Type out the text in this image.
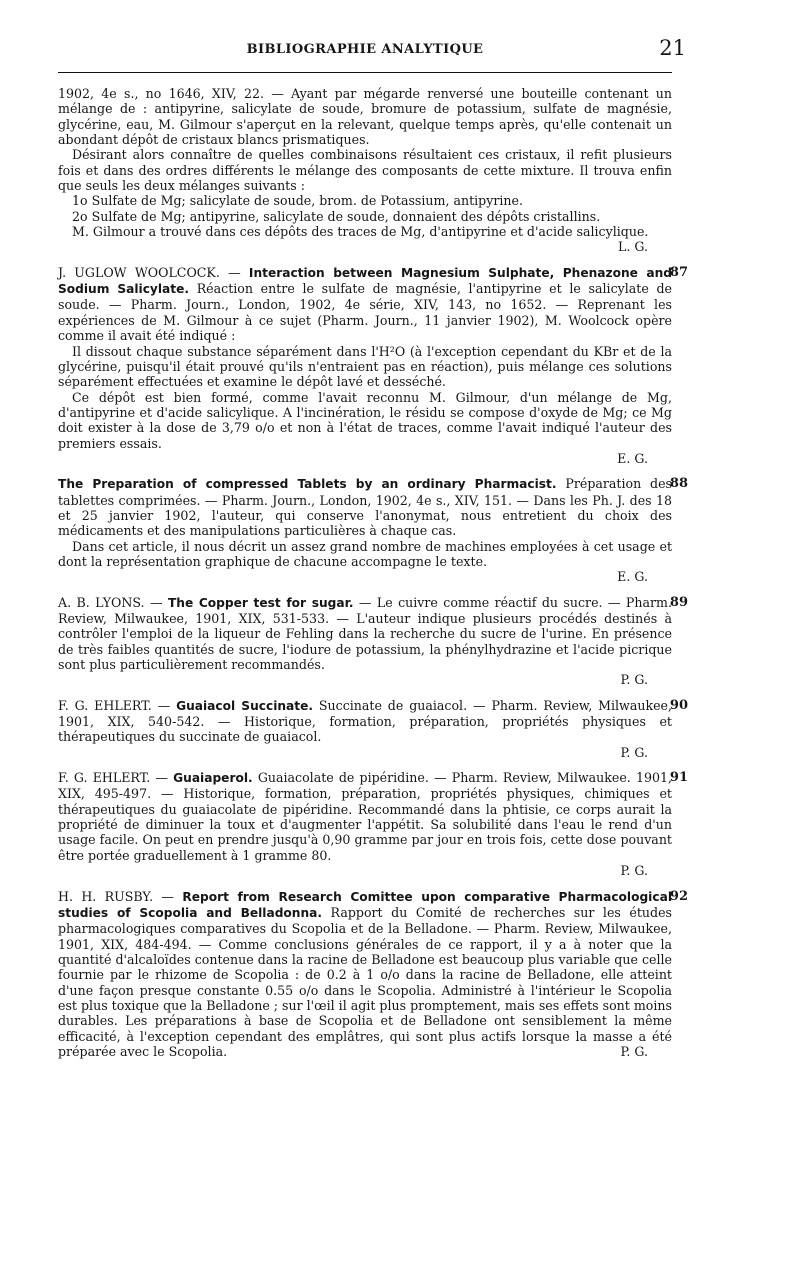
BIBLIOGRAPHIE ANALYTIQUE	21

1902, 4e s., no 1646, XIV, 22. — Ayant par mégarde renversé une bouteille contenant un mélange de : antipyrine, salicylate de soude, bromure de potassium, sulfate de magnésie, glycérine, eau, M. Gilmour s'aperçut en la relevant, quelque temps après, qu'elle contenait un abondant dépôt de cristaux blancs prismatiques.

Désirant alors connaître de quelles combinaisons résultaient ces cristaux, il refit plusieurs fois et dans des ordres différents le mélange des composants de cette mixture. Il trouva enfin que seuls les deux mélanges suivants :

1o Sulfate de Mg; salicylate de soude, brom. de Potassium, antipyrine.

2o Sulfate de Mg; antipyrine, salicylate de soude, donnaient des dépôts cristallins.

M. Gilmour a trouvé dans ces dépôts des traces de Mg, d'antipyrine et d'acide salicylique.

L. G.
87

J. UGLOW WOOLCOCK. — Interaction between Magnesium Sulphate, Phenazone and Sodium Salicylate. Réaction entre le sulfate de magnésie, l'antipyrine et le salicylate de soude. — Pharm. Journ., London, 1902, 4e série, XIV, 143, no 1652. — Reprenant les expériences de M. Gilmour à ce sujet (Pharm. Journ., 11 janvier 1902), M. Woolcock opère comme il avait été indiqué :

Il dissout chaque substance séparément dans l'H²O (à l'exception cependant du KBr et de la glycérine, puisqu'il était prouvé qu'ils n'entraient pas en réaction), puis mélange ces solutions séparément effectuées et examine le dépôt lavé et desséché.

Ce dépôt est bien formé, comme l'avait reconnu M. Gilmour, d'un mélange de Mg, d'antipyrine et d'acide salicylique. A l'incinération, le résidu se compose d'oxyde de Mg; ce Mg doit exister à la dose de 3,79 o/o et non à l'état de traces, comme l'avait indiqué l'auteur des premiers essais.

E. G.
88

The Preparation of compressed Tablets by an ordinary Pharmacist. Préparation des tablettes comprimées. — Pharm. Journ., London, 1902, 4e s., XIV, 151. — Dans les Ph. J. des 18 et 25 janvier 1902, l'auteur, qui conserve l'anonymat, nous entretient du choix des médicaments et des manipulations particulières à chaque cas.

Dans cet article, il nous décrit un assez grand nombre de machines employées à cet usage et dont la représentation graphique de chacune accompagne le texte.

E. G.
89

A. B. LYONS. — The Copper test for sugar. — Le cuivre comme réactif du sucre. — Pharm. Review, Milwaukee, 1901, XIX, 531-533. — L'auteur indique plusieurs procédés destinés à contrôler l'emploi de la liqueur de Fehling dans la recherche du sucre de l'urine. En présence de très faibles quantités de sucre, l'iodure de potassium, la phénylhydrazine et l'acide picrique sont plus particulièrement recommandés.

P. G.
90

F. G. EHLERT. — Guaiacol Succinate. Succinate de guaiacol. — Pharm. Review, Milwaukee, 1901, XIX, 540-542. — Historique, formation, préparation, propriétés physiques et thérapeutiques du succinate de guaiacol.

P. G.
91

F. G. EHLERT. — Guaiaperol. Guaiacolate de pipéridine. — Pharm. Review, Milwaukee. 1901, XIX, 495-497. — Historique, formation, préparation, propriétés physiques, chimiques et thérapeutiques du guaiacolate de pipéridine. Recommandé dans la phtisie, ce corps aurait la propriété de diminuer la toux et d'augmenter l'appétit. Sa solubilité dans l'eau le rend d'un usage facile. On peut en prendre jusqu'à 0,90 gramme par jour en trois fois, cette dose pouvant être portée graduellement à 1 gramme 80.

P. G.
92

H. H. RUSBY. — Report from Research Comittee upon comparative Pharmacological studies of Scopolia and Belladonna. Rapport du Comité de recherches sur les études pharmacologiques comparatives du Scopolia et de la Belladone. — Pharm. Review, Milwaukee, 1901, XIX, 484-494. — Comme conclusions générales de ce rapport, il y a à noter que la quantité d'alcaloïdes contenue dans la racine de Belladone est beaucoup plus variable que celle fournie par le rhizome de Scopolia : de 0.2 à 1 o/o dans la racine de Belladone, elle atteint d'une façon presque constante 0.55 o/o dans le Scopolia. Administré à l'intérieur le Scopolia est plus toxique que la Belladone ; sur l'œil il agit plus promptement, mais ses effets sont moins durables. Les préparations à base de Scopolia et de Belladone ont sensiblement la même efficacité, à l'exception cependant des emplâtres, qui sont plus actifs lorsque la masse a été préparée avec le Scopolia.	P. G.
